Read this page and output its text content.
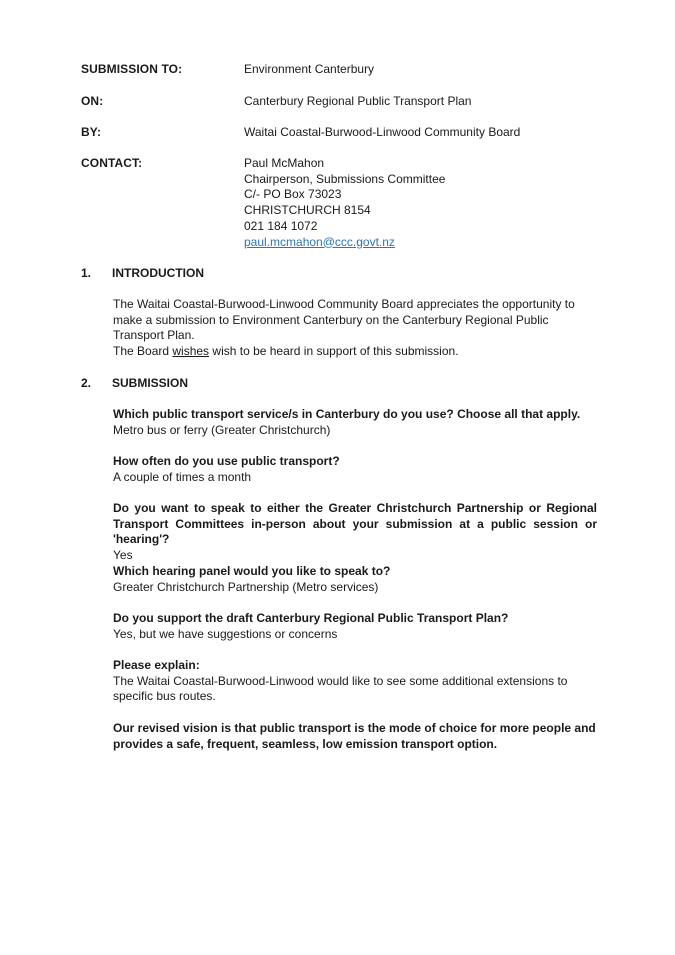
SUBMISSION TO:	Environment Canterbury
ON:	Canterbury Regional Public Transport Plan
BY:	Waitai Coastal-Burwood-Linwood Community Board
CONTACT:	Paul McMahon
Chairperson, Submissions Committee
C/- PO Box 73023
CHRISTCHURCH 8154
021 184 1072
paul.mcmahon@ccc.govt.nz
1. INTRODUCTION
The Waitai Coastal-Burwood-Linwood Community Board appreciates the opportunity to make a submission to Environment Canterbury on the Canterbury Regional Public Transport Plan.
The Board wishes wish to be heard in support of this submission.
2. SUBMISSION
Which public transport service/s in Canterbury do you use? Choose all that apply.
Metro bus or ferry (Greater Christchurch)
How often do you use public transport?
A couple of times a month
Do you want to speak to either the Greater Christchurch Partnership or Regional Transport Committees in-person about your submission at a public session or 'hearing'?
Yes
Which hearing panel would you like to speak to?
Greater Christchurch Partnership (Metro services)
Do you support the draft Canterbury Regional Public Transport Plan?
Yes, but we have suggestions or concerns
Please explain:
The Waitai Coastal-Burwood-Linwood would like to see some additional extensions to specific bus routes.
Our revised vision is that public transport is the mode of choice for more people and provides a safe, frequent, seamless, low emission transport option.
